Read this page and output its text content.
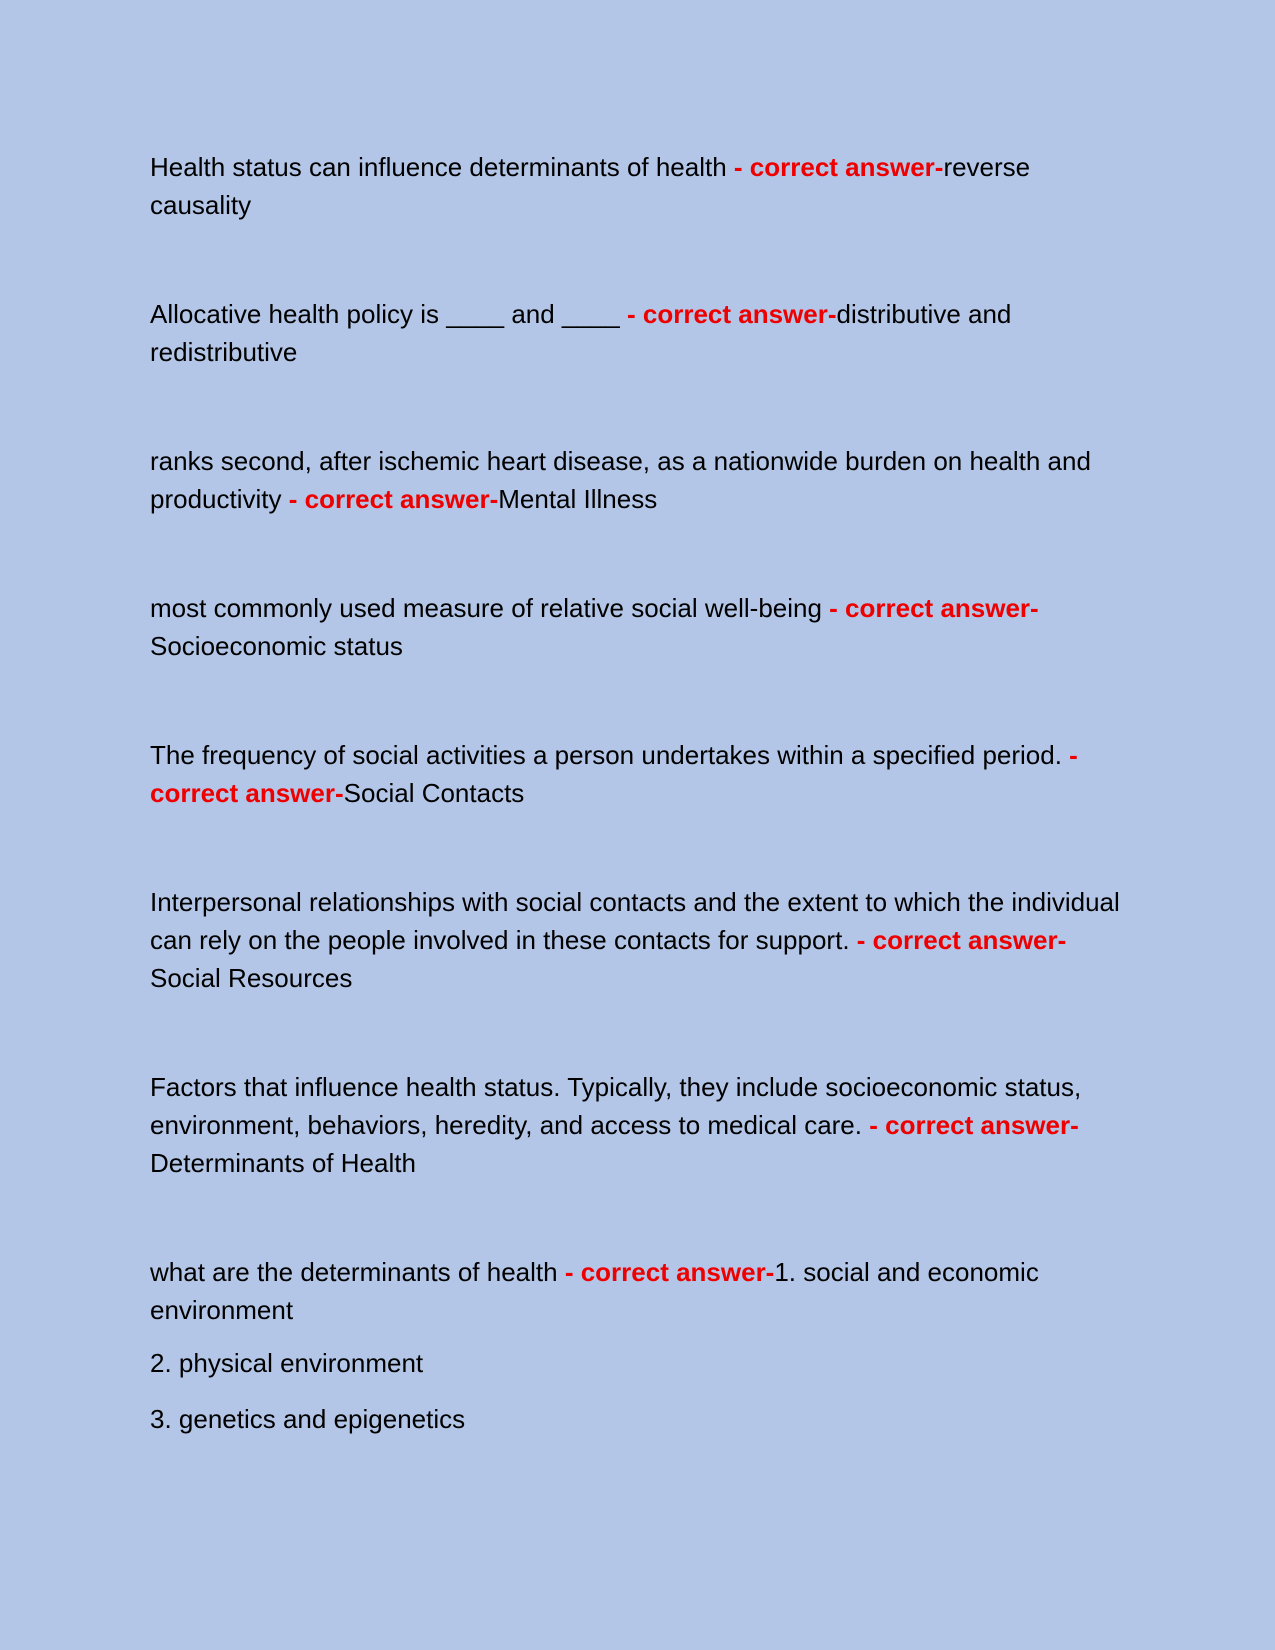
Health status can influence determinants of health - correct answer-reverse causality

Allocative health policy is ____ and ____ - correct answer-distributive and redistributive

ranks second, after ischemic heart disease, as a nationwide burden on health and productivity - correct answer-Mental Illness

most commonly used measure of relative social well-being - correct answer-Socioeconomic status

The frequency of social activities a person undertakes within a specified period. - correct answer-Social Contacts

Interpersonal relationships with social contacts and the extent to which the individual can rely on the people involved in these contacts for support. - correct answer-Social Resources

Factors that influence health status. Typically, they include socioeconomic status, environment, behaviors, heredity, and access to medical care. - correct answer-Determinants of Health

what are the determinants of health - correct answer-1. social and economic environment

2. physical environment

3. genetics and epigenetics
